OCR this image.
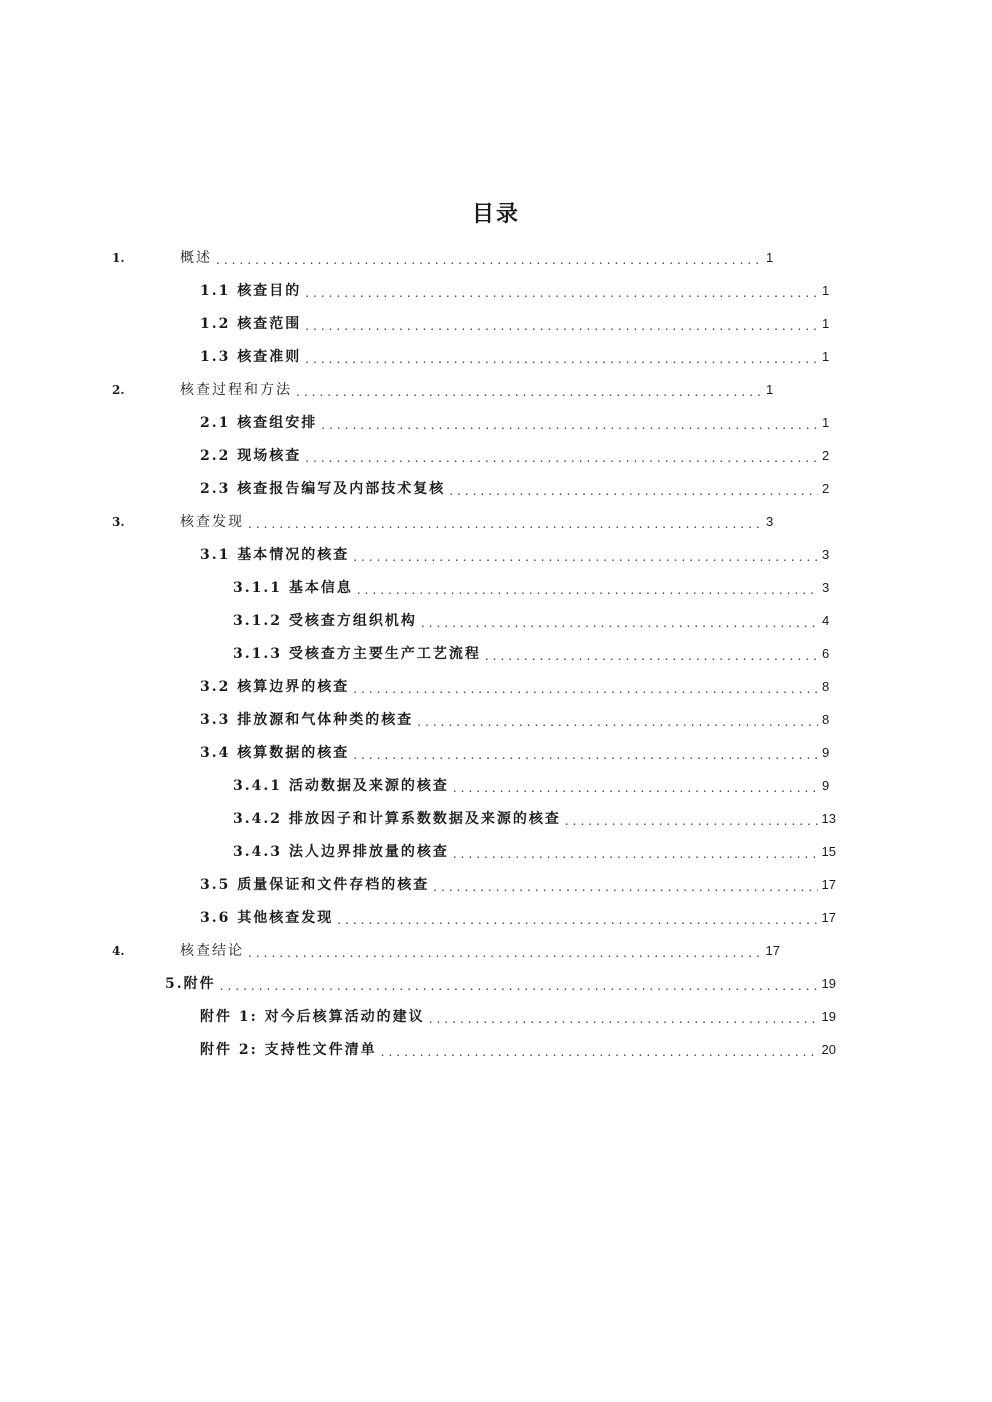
目录
1.	概述 .....	1
1.1 核查目的 .....	1
1.2 核查范围 .....	1
1.3 核查准则 .....	1
2.	核查过程和方法 .....	1
2.1 核查组安排 .....	1
2.2 现场核查 .....	2
2.3 核查报告编写及内部技术复核 .....	2
3.	核查发现 .....	3
3.1 基本情况的核查 .....	3
3.1.1 基本信息 .....	3
3.1.2 受核查方组织机构 .....	4
3.1.3 受核查方主要生产工艺流程 .....	6
3.2 核算边界的核查 .....	8
3.3 排放源和气体种类的核查 .....	8
3.4 核算数据的核查 .....	9
3.4.1 活动数据及来源的核查 .....	9
3.4.2 排放因子和计算系数数据及来源的核查 .....	13
3.4.3 法人边界排放量的核查 .....	15
3.5 质量保证和文件存档的核查 .....	17
3.6 其他核查发现 .....	17
4.	核查结论 .....	17
5.附件 .....	19
附件 1: 对今后核算活动的建议 .....	19
附件 2: 支持性文件清单 .....	20
